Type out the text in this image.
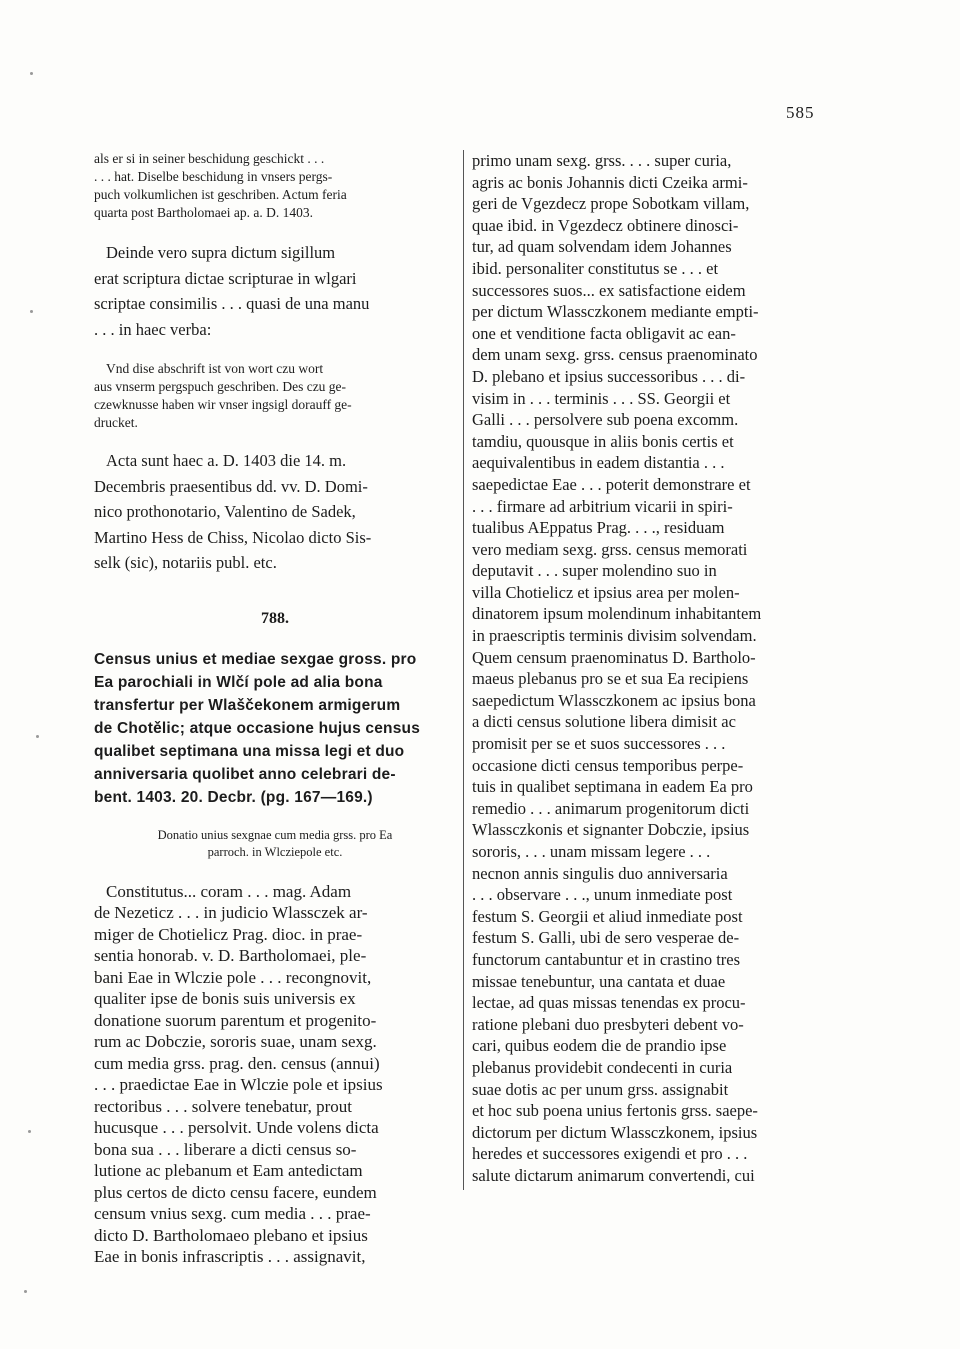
585
als er si in seiner beschidung geschickt . . .
. . . hat. Diselbe beschidung in vnsers pergs-
puch volkumlichen ist geschriben. Actum feria
quarta post Bartholomaei ap. a. D. 1403.
Deinde vero supra dictum sigillum
erat scriptura dictae scripturae in wlgari
scriptae consimilis . . . quasi de una manu
. . . in haec verba:
Vnd dise abschrift ist von wort czu wort
aus vnserm pergspuch geschriben. Des czu ge-
czewknusse haben wir vnser ingsigl dorauff ge-
drucket.
Acta sunt haec a. D. 1403 die 14. m.
Decembris praesentibus dd. vv. D. Domi-
nico prothonotario, Valentino de Sadek,
Martino Hess de Chiss, Nicolao dicto Sis-
selk (sic), notariis publ. etc.
788.
Census unius et mediae sexgae gross. pro
Ea parochiali in Wlčí pole ad alia bona
transfertur per Wlaščekonem armigerum
de Chotělic; atque occasione hujus census
qualibet septimana una missa legi et duo
anniversaria quolibet anno celebrari de-
bent. 1403. 20. Decbr. (pg. 167—169.)
Donatio unius sexgnae cum media grss. pro Ea
parroch. in Wlcziepole etc.
Constitutus... coram . . . mag. Adam
de Nezeticz . . . in judicio Wlassczek ar-
miger de Chotielicz Prag. dioc. in prae-
sentia honorab. v. D. Bartholomaei, ple-
bani Eae in Wlczie pole . . . recongnovit,
qualiter ipse de bonis suis universis ex
donatione suorum parentum et progenito-
rum ac Dobczie, sororis suae, unam sexg.
cum media grss. prag. den. census (annui)
. . . praedictae Eae in Wlczie pole et ipsius
rectoribus . . . solvere tenebatur, prout
hucusque . . . persolvit. Unde volens dicta
bona sua . . . liberare a dicti census so-
lutione ac plebanum et Eam antedictam
plus certos de dicto censu facere, eundem
censum vnius sexg. cum media . . . prae-
dicto D. Bartholomaeo plebano et ipsius
Eae in bonis infrascriptis . . . assignavit,
primo unam sexg. grss. . . . super curia,
agris ac bonis Johannis dicti Czeika armi-
geri de Vgezdecz prope Sobotkam villam,
quae ibid. in Vgezdecz obtinere dinosci-
tur, ad quam solvendam idem Johannes
ibid. personaliter constitutus se . . . et
successores suos... ex satisfactione eidem
per dictum Wlassczkonem mediante empti-
one et venditione facta obligavit ac ean-
dem unam sexg. grss. census praenominato
D. plebano et ipsius successoribus . . . di-
visim in . . . terminis . . . SS. Georgii et
Galli . . . persolvere sub poena excomm.
tamdiu, quousque in aliis bonis certis et
aequivalentibus in eadem distantia . . .
saepedictae Eae . . . poterit demonstrare et
. . . firmare ad arbitrium vicarii in spiri-
tualibus AEppatus Prag. . . ., residuam
vero mediam sexg. grss. census memorati
deputavit . . . super molendino suo in
villa Chotielicz et ipsius area per molen-
dinatorem ipsum molendinum inhabitantem
in praescriptis terminis divisim solvendam.
Quem censum praenominatus D. Bartholo-
maeus plebanus pro se et sua Ea recipiens
saepedictum Wlassczkonem ac ipsius bona
a dicti census solutione libera dimisit ac
promisit per se et suos successores . . .
occasione dicti census temporibus perpe-
tuis in qualibet septimana in eadem Ea pro
remedio . . . animarum progenitorum dicti
Wlassczkonis et signanter Dobczie, ipsius
sororis, . . . unam missam legere . . .
necnon annis singulis duo anniversaria
. . . observare . . ., unum inmediate post
festum S. Georgii et aliud inmediate post
festum S. Galli, ubi de sero vesperae de-
functorum cantabuntur et in crastino tres
missae tenebuntur, una cantata et duae
lectae, ad quas missas tenendas ex procu-
ratione plebani duo presbyteri debent vo-
cari, quibus eodem die de prandio ipse
plebanus providebit condecenti in curia
suae dotis ac per unum grss. assignabit
et hoc sub poena unius fertonis grss. saepe-
dictorum per dictum Wlassczkonem, ipsius
heredes et successores exigendi et pro . . .
salute dictarum animarum convertendi, cui
